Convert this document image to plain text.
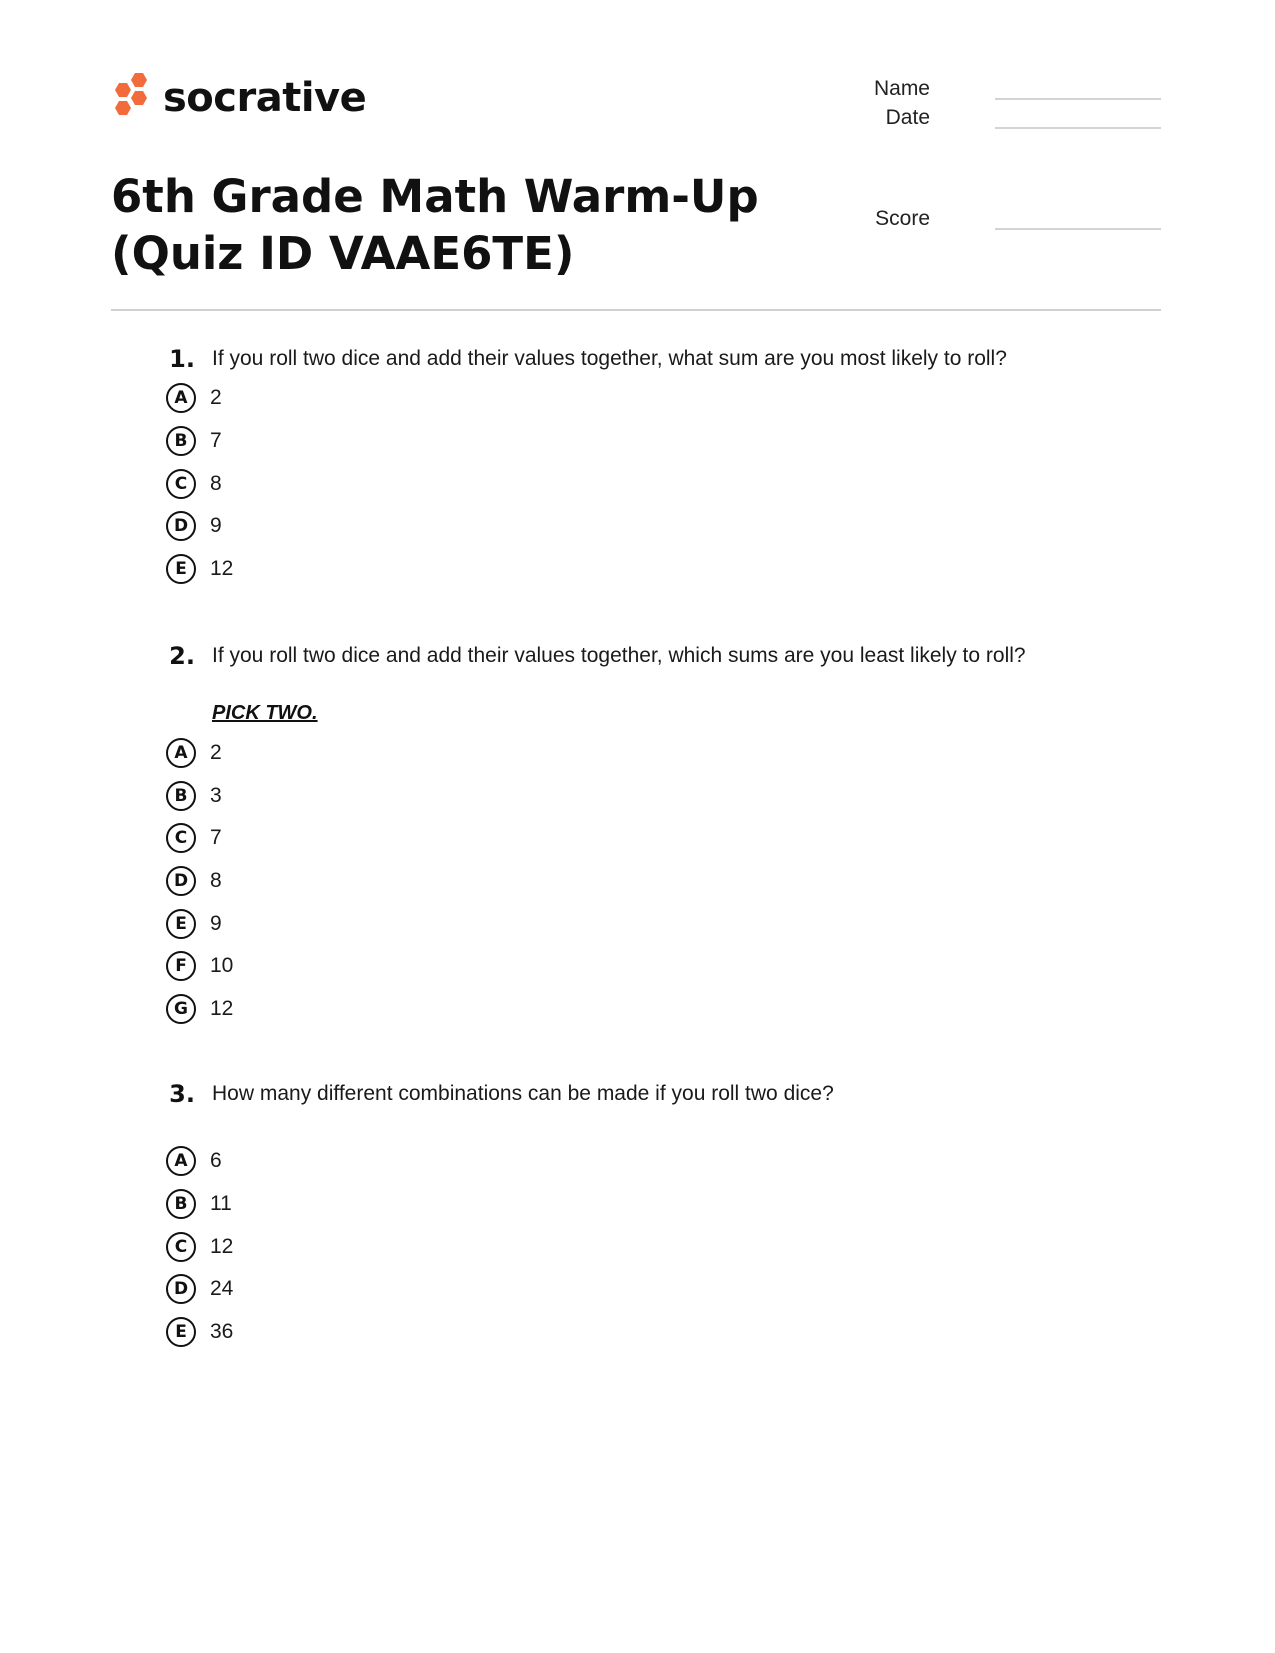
socrative	Name
Date
Score
6th Grade Math Warm-Up (Quiz ID VAAE6TE)
1. If you roll two dice and add their values together, what sum are you most likely to roll?
A	2
B	7
C	8
D	9
E	12
2. If you roll two dice and add their values together, which sums are you least likely to roll?
PICK TWO.
A	2
B	3
C	7
D	8
E	9
F	10
G	12
3. How many different combinations can be made if you roll two dice?
A	6
B	11
C	12
D	24
E	36
